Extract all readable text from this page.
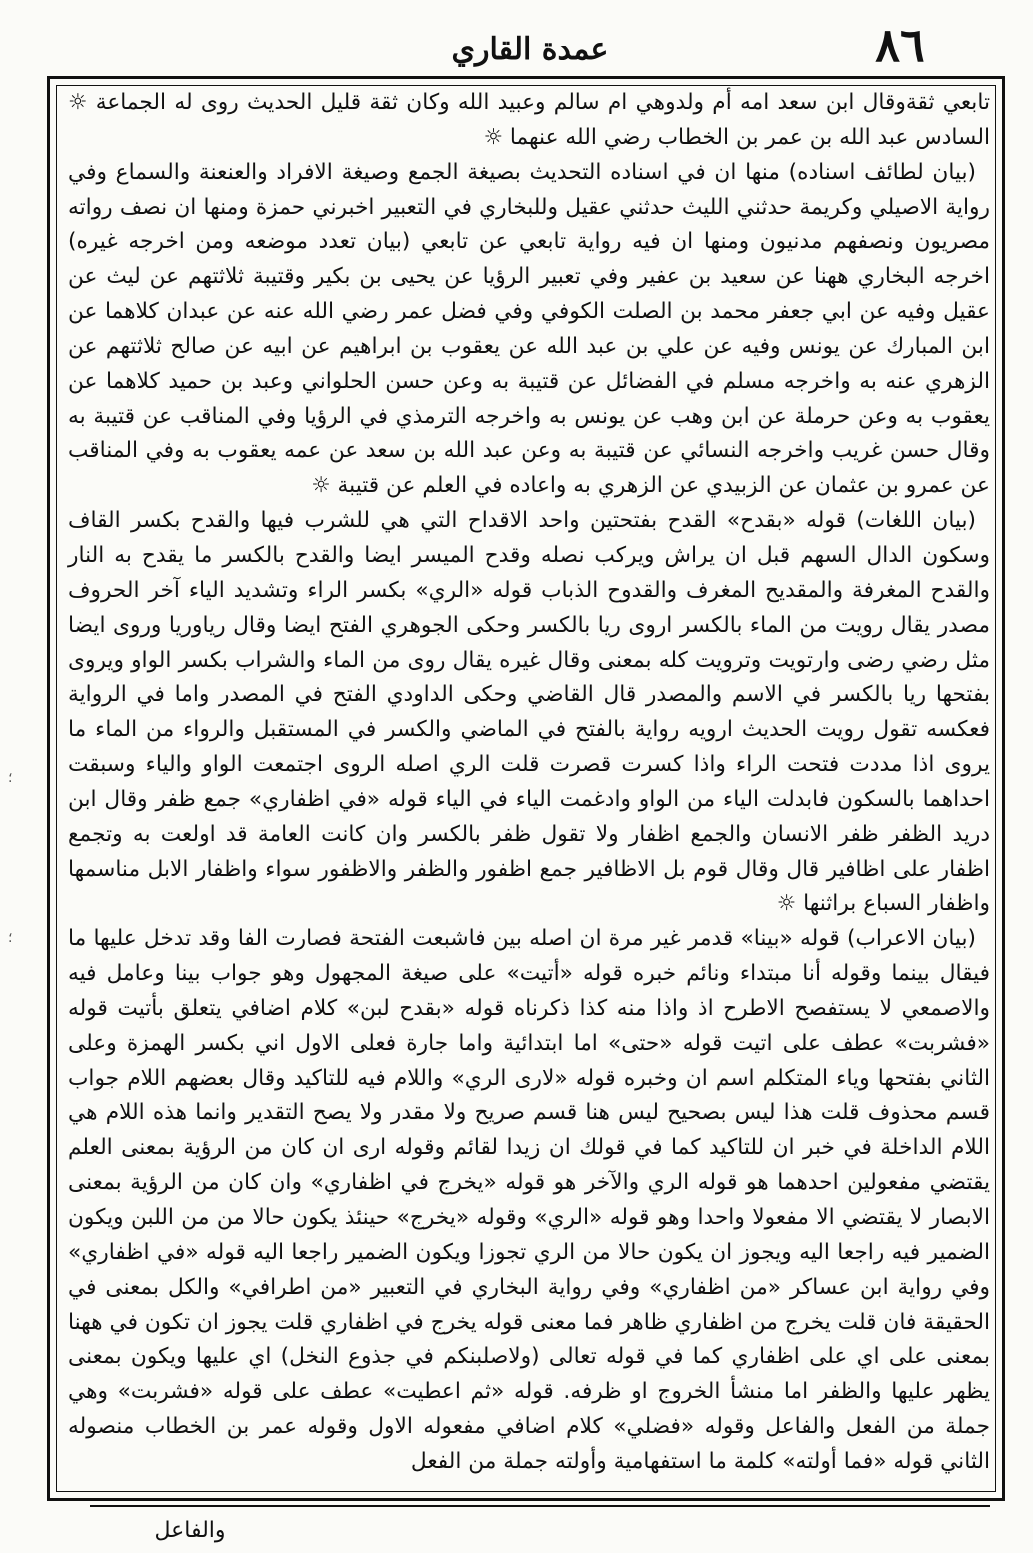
٨٦
عمدة القاري

تابعي ثقةوقال ابن سعد امه أم ولدوهي ام سالم وعبيد الله وكان ثقة قليل الحديث روى له الجماعة ☼ السادس عبد الله بن عمر بن الخطاب رضي الله عنهما ☼

(بيان لطائف اسناده) منها ان في اسناده التحديث بصيغة الجمع وصيغة الافراد والعنعنة والسماع وفي رواية الاصيلي وكريمة حدثني الليث حدثني عقيل وللبخاري في التعبير اخبرني حمزة ومنها ان نصف رواته مصريون ونصفهم مدنيون ومنها ان فيه رواية تابعي عن تابعي (بيان تعدد موضعه ومن اخرجه غيره) اخرجه البخاري ههنا عن سعيد بن عفير وفي تعبير الرؤيا عن يحيى بن بكير وقتيبة ثلاثتهم عن ليث عن عقيل وفيه عن ابي جعفر محمد بن الصلت الكوفي وفي فضل عمر رضي الله عنه عن عبدان كلاهما عن ابن المبارك عن يونس وفيه عن علي بن عبد الله عن يعقوب بن ابراهيم عن ابيه عن صالح ثلاثتهم عن الزهري عنه به واخرجه مسلم في الفضائل عن قتيبة به وعن حسن الحلواني وعبد بن حميد كلاهما عن يعقوب به وعن حرملة عن ابن وهب عن يونس به واخرجه الترمذي في الرؤيا وفي المناقب عن قتيبة به وقال حسن غريب واخرجه النسائي عن قتيبة به وعن عبد الله بن سعد عن عمه يعقوب به وفي المناقب عن عمرو بن عثمان عن الزبيدي عن الزهري به واعاده في العلم عن قتيبة ☼

(بيان اللغات) قوله «بقدح» القدح بفتحتين واحد الاقداح التي هي للشرب فيها والقدح بكسر القاف وسكون الدال السهم قبل ان يراش ويركب نصله وقدح الميسر ايضا والقدح بالكسر ما يقدح به النار والقدح المغرفة والمقديح المغرف والقدوح الذباب قوله «الري» بكسر الراء وتشديد الياء آخر الحروف مصدر يقال رويت من الماء بالكسر اروى ريا بالكسر وحكى الجوهري الفتح ايضا وقال رياوريا وروى ايضا مثل رضي رضى وارتويت وترويت كله بمعنى وقال غيره يقال روى من الماء والشراب بكسر الواو ويروى بفتحها ريا بالكسر في الاسم والمصدر قال القاضي وحكى الداودي الفتح في المصدر واما في الرواية فعكسه تقول رويت الحديث ارويه رواية بالفتح في الماضي والكسر في المستقبل والرواء من الماء ما يروى اذا مددت فتحت الراء واذا كسرت قصرت قلت الري اصله الروى اجتمعت الواو والياء وسبقت احداهما بالسكون فابدلت الياء من الواو وادغمت الياء في الياء قوله «في اظفاري» جمع ظفر وقال ابن دريد الظفر ظفر الانسان والجمع اظفار ولا تقول ظفر بالكسر وان كانت العامة قد اولعت به وتجمع اظفار على اظافير قال وقال قوم بل الاظافير جمع اظفور والظفر والاظفور سواء واظفار الابل مناسمها واظفار السباع براثنها ☼

(بيان الاعراب) قوله «بينا» قدمر غير مرة ان اصله بين فاشبعت الفتحة فصارت الفا وقد تدخل عليها ما فيقال بينما وقوله أنا مبتداء ونائم خبره قوله «أتيت» على صيغة المجهول وهو جواب بينا وعامل فيه والاصمعي لا يستفصح الاطرح اذ واذا منه كذا ذكرناه قوله «بقدح لبن» كلام اضافي يتعلق بأتيت قوله «فشربت» عطف على اتيت قوله «حتى» اما ابتدائية واما جارة فعلى الاول اني بكسر الهمزة وعلى الثاني بفتحها وياء المتكلم اسم ان وخبره قوله «لارى الري» واللام فيه للتاكيد وقال بعضهم اللام جواب قسم محذوف قلت هذا ليس بصحيح ليس هنا قسم صريح ولا مقدر ولا يصح التقدير وانما هذه اللام هي اللام الداخلة في خبر ان للتاكيد كما في قولك ان زيدا لقائم وقوله ارى ان كان من الرؤية بمعنى العلم يقتضي مفعولين احدهما هو قوله الري والآخر هو قوله «يخرج في اظفاري» وان كان من الرؤية بمعنى الابصار لا يقتضي الا مفعولا واحدا وهو قوله «الري» وقوله «يخرج» حينئذ يكون حالا من من اللبن ويكون الضمير فيه راجعا اليه ويجوز ان يكون حالا من الري تجوزا ويكون الضمير راجعا اليه قوله «في اظفاري» وفي رواية ابن عساكر «من اظفاري» وفي رواية البخاري في التعبير «من اطرافي» والكل بمعنى في الحقيقة فان قلت يخرج من اظفاري ظاهر فما معنى قوله يخرج في اظفاري قلت يجوز ان تكون في ههنا بمعنى على اي على اظفاري كما في قوله تعالى (ولاصلبنكم في جذوع النخل) اي عليها ويكون بمعنى يظهر عليها والظفر اما منشأ الخروج او ظرفه. قوله «ثم اعطيت» عطف على قوله «فشربت» وهي جملة من الفعل والفاعل وقوله «فضلي» كلام اضافي مفعوله الاول وقوله عمر بن الخطاب منصوله الثاني قوله «فما أولته» كلمة ما استفهامية وأولته جملة من الفعل

والفاعل
؛
؛
